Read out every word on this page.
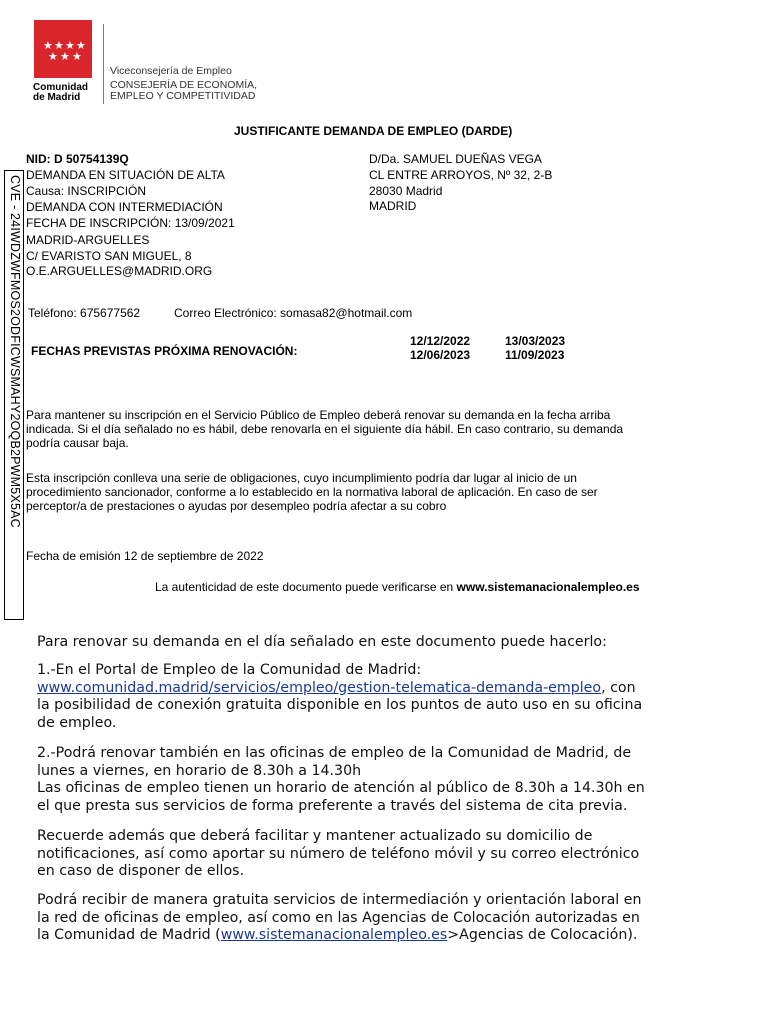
★ ★ ★ ★
★ ★ ★
Comunidad
de Madrid
Viceconsejería de Empleo
CONSEJERÍA DE ECONOMÍA,
EMPLEO Y COMPETITIVIDAD
JUSTIFICANTE DEMANDA DE EMPLEO (DARDE)
CVE - 24IWDZWFMOS2ODFICWSMAHY2OQB2PWM5X5AC
NID: D 50754139Q
DEMANDA EN SITUACIÓN DE ALTA
Causa: INSCRIPCIÓN
DEMANDA CON INTERMEDIACIÓN
FECHA DE INSCRIPCIÓN: 13/09/2021
MADRID-ARGUELLES
C/ EVARISTO SAN MIGUEL, 8
O.E.ARGUELLES@MADRID.ORG
D/Da. SAMUEL DUEÑAS VEGA
CL ENTRE ARROYOS, Nº 32, 2-B
28030 Madrid
MADRID
Teléfono: 675677562	Correo Electrónico: somasa82@hotmail.com
FECHAS PREVISTAS PRÓXIMA RENOVACIÓN:
12/12/2022	13/03/2023
12/06/2023	11/09/2023
Para mantener su inscripción en el Servicio Público de Empleo deberá renovar su demanda en la fecha arriba
indicada. Si el día señalado no es hábil, debe renovarla en el siguiente día hábil. En caso contrario, su demanda
podría causar baja.
Esta inscripción conlleva una serie de obligaciones, cuyo incumplimiento podría dar lugar al inicio de un
procedimiento sancionador, conforme a lo establecido en la normativa laboral de aplicación. En caso de ser
perceptor/a de prestaciones o ayudas por desempleo podría afectar a su cobro
Fecha de emisión 12 de septiembre de 2022
La autenticidad de este documento puede verificarse en www.sistemanacionalempleo.es
Para renovar su demanda en el día señalado en este documento puede hacerlo:
1.-En el Portal de Empleo de la Comunidad de Madrid:
www.comunidad.madrid/servicios/empleo/gestion-telematica-demanda-empleo, con
la posibilidad de conexión gratuita disponible en los puntos de auto uso en su oficina
de empleo.
2.-Podrá renovar también en las oficinas de empleo de la Comunidad de Madrid, de
lunes a viernes, en horario de 8.30h a 14.30h
Las oficinas de empleo tienen un horario de atención al público de 8.30h a 14.30h en
el que presta sus servicios de forma preferente a través del sistema de cita previa.
Recuerde además que deberá facilitar y mantener actualizado su domicilio de
notificaciones, así como aportar su número de teléfono móvil y su correo electrónico
en caso de disponer de ellos.
Podrá recibir de manera gratuita servicios de intermediación y orientación laboral en
la red de oficinas de empleo, así como en las Agencias de Colocación autorizadas en
la Comunidad de Madrid (www.sistemanacionalempleo.es>Agencias de Colocación).
